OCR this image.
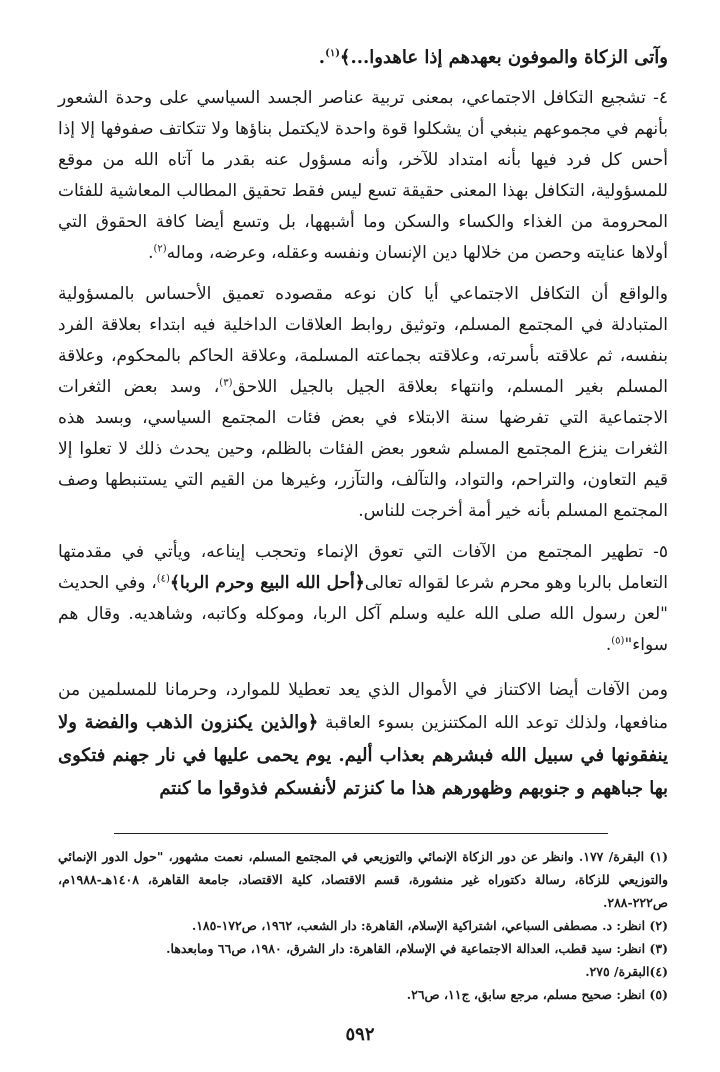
وآتى الزكاة والموفون بعهدهم إذا عاهدوا...﴾$^{(١)}$.

٤- تشجيع التكافل الاجتماعي، بمعنى تربية عناصر الجسد السياسي على وحدة الشعور بأنهم في مجموعهم ينبغي أن يشكلوا قوة واحدة لايكتمل بناؤها ولا تتكاتف صفوفها إلا إذا أحس كل فرد فيها بأنه امتداد للآخر، وأنه مسؤول عنه بقدر ما آتاه الله من موقع للمسؤولية، التكافل بهذا المعنى حقيقة تسع ليس فقط تحقيق المطالب المعاشية للفئات المحرومة من الغذاء والكساء والسكن وما أشبهها، بل وتسع أيضا كافة الحقوق التي أولاها عنايته وحصن من خلالها دين الإنسان ونفسه وعقله، وعرضه، وماله$^{(٢)}$.

والواقع أن التكافل الاجتماعي أيا كان نوعه مقصوده تعميق الأحساس بالمسؤولية المتبادلة في المجتمع المسلم، وتوثيق روابط العلاقات الداخلية فيه ابتداء بعلاقة الفرد بنفسه، ثم علاقته بأسرته، وعلاقته بجماعته المسلمة، وعلاقة الحاكم بالمحكوم، وعلاقة المسلم بغير المسلم، وانتهاء بعلاقة الجيل بالجيل اللاحق$^{(٣)}$، وسد بعض الثغرات الاجتماعية التي تفرضها سنة الابتلاء في بعض فئات المجتمع السياسي، وبسد هذه الثغرات ينزع المجتمع المسلم شعور بعض الفئات بالظلم، وحين يحدث ذلك لا تعلوا إلا قيم التعاون، والتراحم، والتواد، والتآلف، والتآزر، وغيرها من القيم التي يستنبطها وصف المجتمع المسلم بأنه خير أمة أخرجت للناس.

٥- تطهير المجتمع من الآفات التي تعوق الإنماء وتحجب إيناعه، ويأتي في مقدمتها التعامل بالربا وهو محرم شرعا لقواله تعالى﴿أحل الله البيع وحرم الربا﴾$^{(٤)}$، وفي الحديث "لعن رسول الله صلى الله عليه وسلم آكل الربا، وموكله وكاتبه، وشاهديه. وقال هم سواء"$^{(٥)}$.

ومن الآفات أيضا الاكتناز في الأموال الذي يعد تعطيلا للموارد، وحرمانا للمسلمين من منافعها، ولذلك توعد الله المكتنزين بسوء العاقبة ﴿والذين يكنزون الذهب والفضة ولا ينفقونها في سبيل الله فبشرهم بعذاب أليم. يوم يحمى عليها في نار جهنم فتكوى بها جباههم و جنوبهم وظهورهم هذا ما كنزتم لأنفسكم فذوقوا ما كنتم

(١) البقرة/ ١٧٧. وانظر عن دور الزكاة الإنمائي والتوزيعي في المجتمع المسلم، نعمت مشهور، "حول الدور الإنمائي والتوزيعي للزكاة، رسالة دكتوراه غير منشورة، قسم الاقتصاد، كلية الاقتصاد، جامعة القاهرة، ١٤٠٨هـ-١٩٨٨م، ص٢٢٢-٢٨٨.

(٢) انظر: د. مصطفى السباعي، اشتراكية الإسلام، القاهرة: دار الشعب، ١٩٦٢، ص١٧٢-١٨٥.

(٣) انظر: سيد قطب، العدالة الاجتماعية في الإسلام، القاهرة: دار الشرق، ١٩٨٠، ص٦٦ ومابعدها.

(٤)البقرة/ ٢٧٥.

(٥) انظر: صحيح مسلم، مرجع سابق، ج١١، ص٢٦.

٥٩٢
